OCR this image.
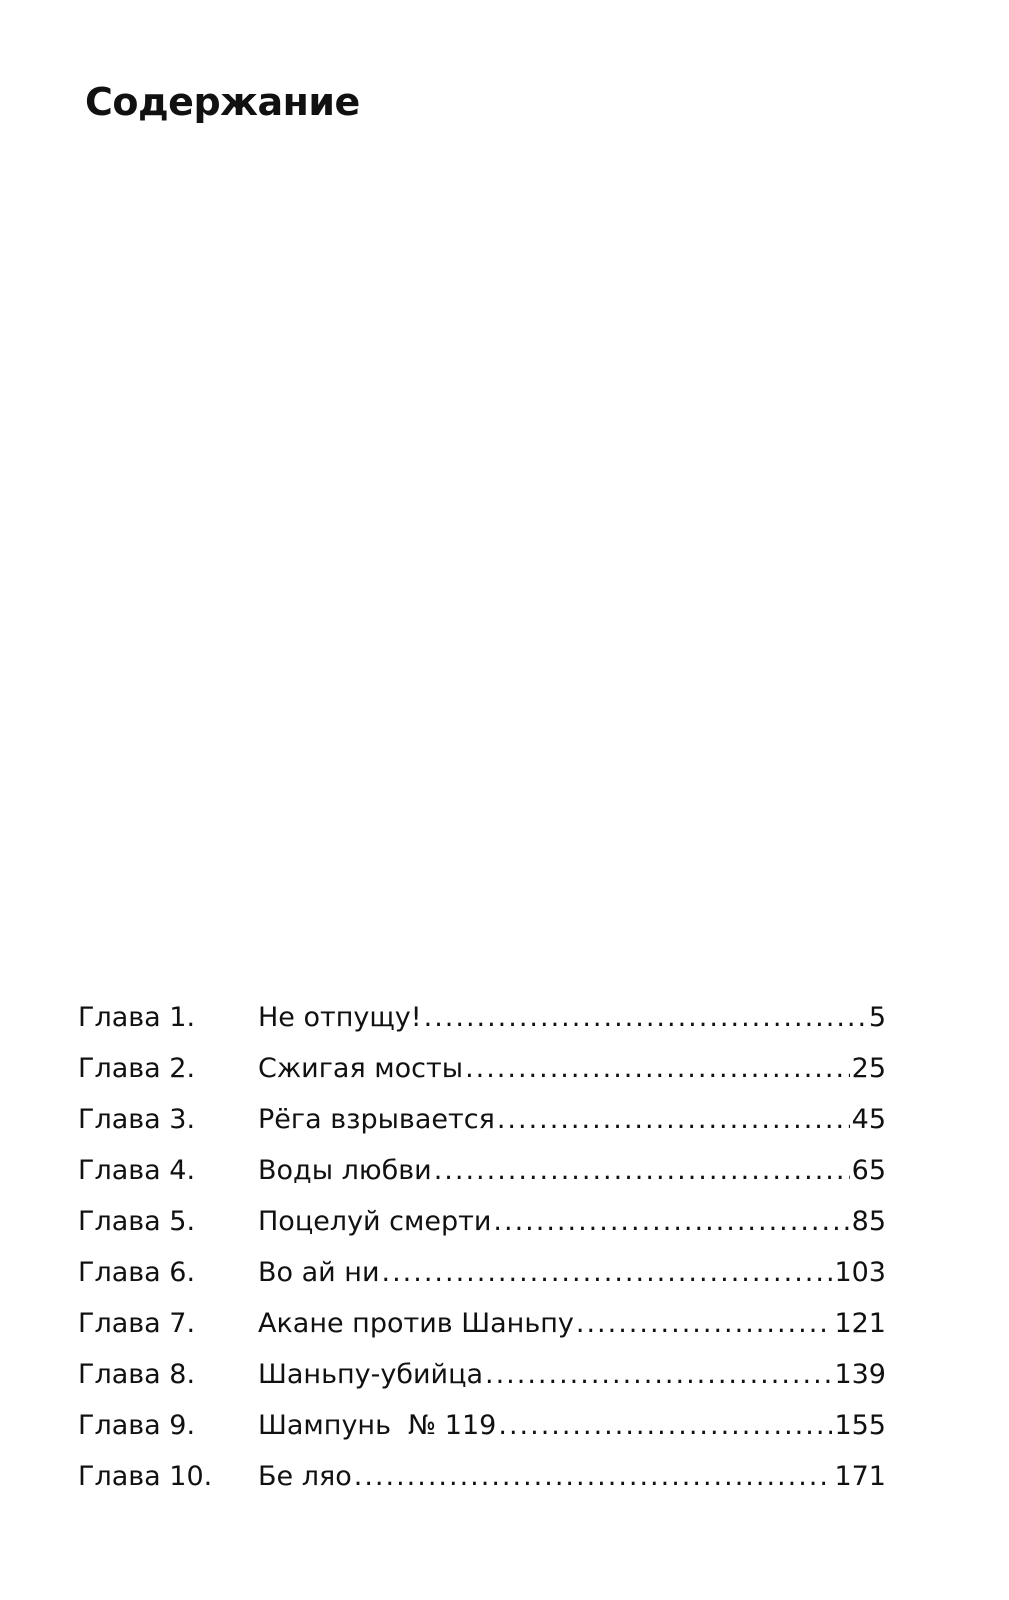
Содержание
Глава 1.	Не отпущу! .....	5
Глава 2.	Сжигая мосты .....	25
Глава 3.	Рёга взрывается .....	45
Глава 4.	Воды любви .....	65
Глава 5.	Поцелуй смерти .....	85
Глава 6.	Во ай ни .....	103
Глава 7.	Акане против Шаньпу .....	121
Глава 8.	Шаньпу-убийца .....	139
Глава 9.	Шампунь  № 119 .....	155
Глава 10.	Бе ляо .....	171
